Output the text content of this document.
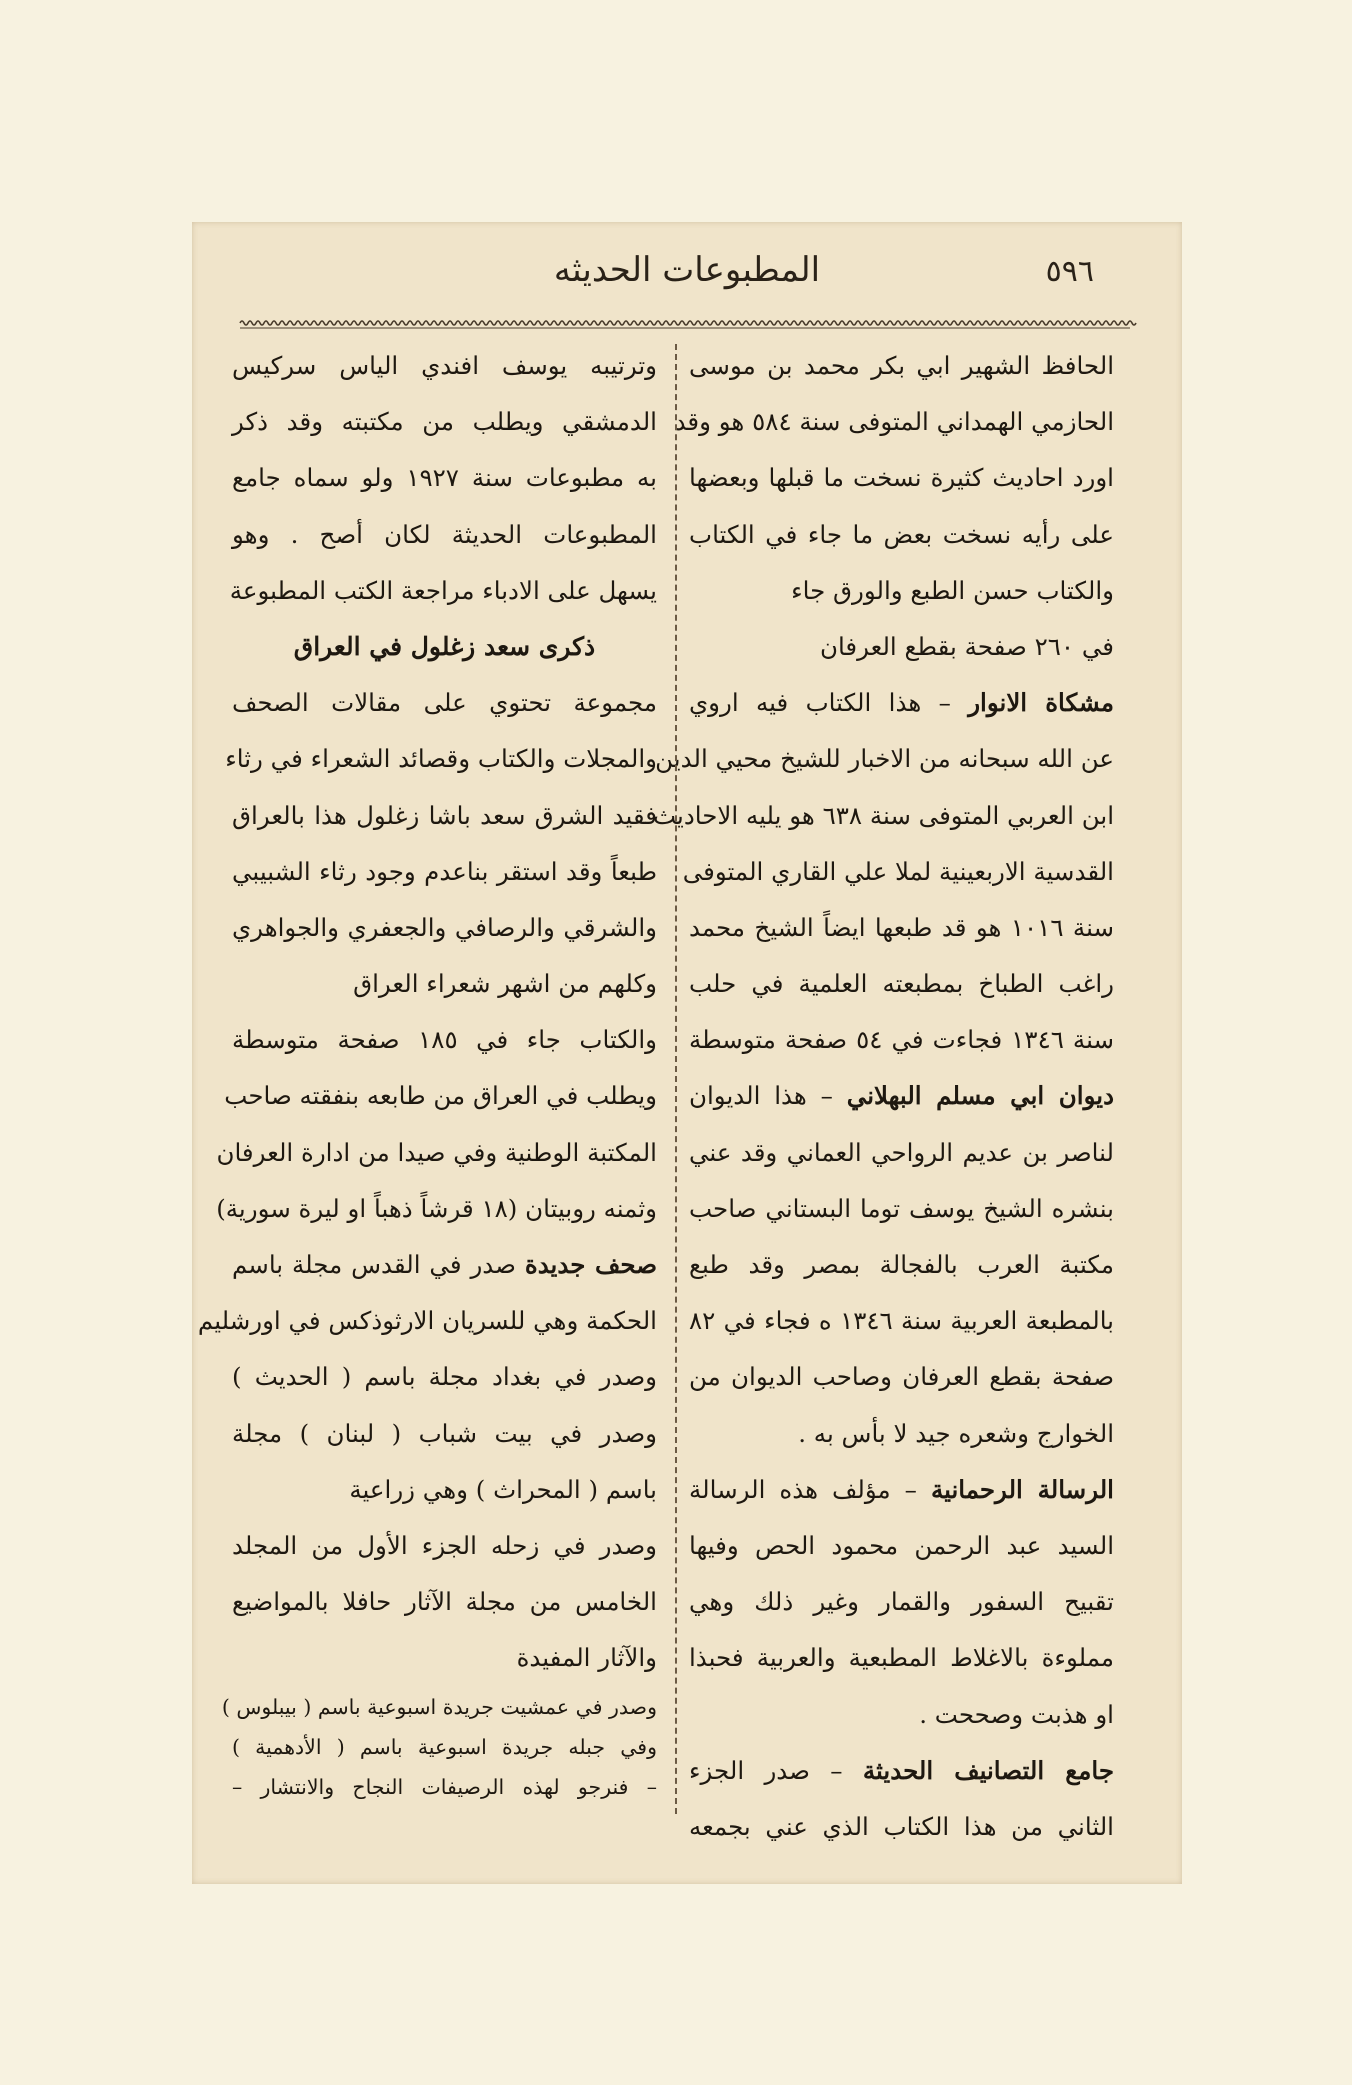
المطبوعات الحديثه	٥٩٦
الحافظ الشهير ابي بكر محمد بن موسى
الحازمي الهمداني المتوفى سنة ٥٨٤ هو وقد
اورد احاديث كثيرة نسخت ما قبلها وبعضها
على رأيه نسخت بعض ما جاء في الكتاب
والكتاب حسن الطبع والورق جاء
في ٢٦٠ صفحة بقطع العرفان
مشكاة الانوار – هذا الكتاب فيه اروي
عن الله سبحانه من الاخبار للشيخ محيي الدين
ابن العربي المتوفى سنة ٦٣٨ هو يليه الاحاديث
القدسية الاربعينية لملا علي القاري المتوفى
سنة ١٠١٦ هو قد طبعها ايضاً الشيخ محمد
راغب الطباخ بمطبعته العلمية في حلب
سنة ١٣٤٦ فجاءت في ٥٤ صفحة متوسطة
ديوان ابي مسلم البهلاني – هذا الديوان
لناصر بن عديم الرواحي العماني وقد عني
بنشره الشيخ يوسف توما البستاني صاحب
مكتبة العرب بالفجالة بمصر وقد طبع
بالمطبعة العربية سنة ١٣٤٦ ه فجاء في ٨٢
صفحة بقطع العرفان وصاحب الديوان من
الخوارج وشعره جيد لا بأس به .
الرسالة الرحمانية – مؤلف هذه الرسالة
السيد عبد الرحمن محمود الحص وفيها
تقبيح السفور والقمار وغير ذلك وهي
مملوءة بالاغلاط المطبعية والعربية فحبذا
او هذبت وصححت .
جامع التصانيف الحديثة – صدر الجزء
الثاني من هذا الكتاب الذي عني بجمعه
وترتيبه يوسف افندي الياس سركيس
الدمشقي ويطلب من مكتبته وقد ذكر
به مطبوعات سنة ١٩٢٧ ولو سماه جامع
المطبوعات الحديثة لكان أصح . وهو
يسهل على الادباء مراجعة الكتب المطبوعة
ذكرى سعد زغلول في العراق
مجموعة تحتوي على مقالات الصحف
والمجلات والكتاب وقصائد الشعراء في رثاء
فقيد الشرق سعد باشا زغلول هذا بالعراق
طبعاً وقد استقر بناعدم وجود رثاء الشبيبي
والشرقي والرصافي والجعفري والجواهري
وكلهم من اشهر شعراء العراق
والكتاب جاء في ١٨٥ صفحة متوسطة
ويطلب في العراق من طابعه بنفقته صاحب
المكتبة الوطنية وفي صيدا من ادارة العرفان
وثمنه روبيتان (١٨ قرشاً ذهباً او ليرة سورية)
صحف جديدة صدر في القدس مجلة باسم
الحكمة وهي للسريان الارثوذكس في اورشليم
وصدر في بغداد مجلة باسم ( الحديث )
وصدر في بيت شباب ( لبنان ) مجلة
باسم ( المحراث ) وهي زراعية
وصدر في زحله الجزء الأول من المجلد
الخامس من مجلة الآثار حافلا بالمواضيع
والآثار المفيدة
وصدر في عمشيت جريدة اسبوعية باسم ( بيبلوس )
وفي جبله جريدة اسبوعية باسم ( الأدهمية )
– فنرجو لهذه الرصيفات النجاح والانتشار –
